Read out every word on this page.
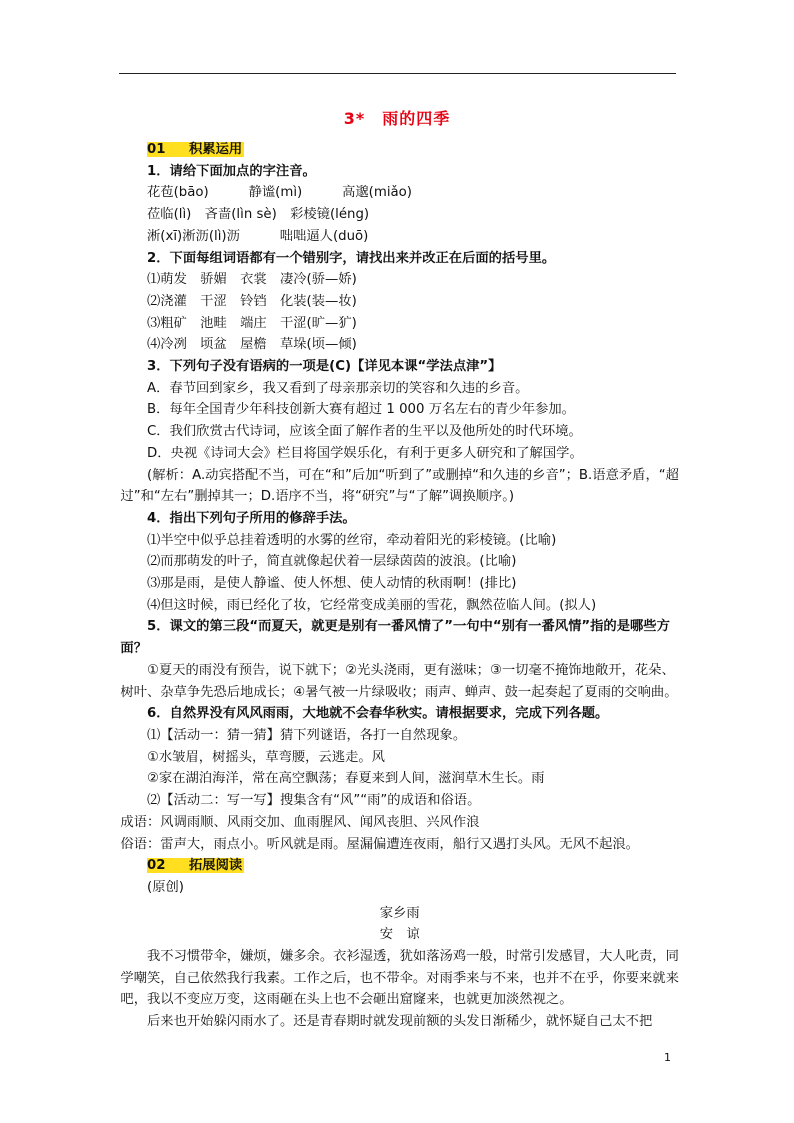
3*　雨的四季
01 积累运用
1．请给下面加点的字注音。
花苞(bāo)　　　静谧(mì)　　　高邈(miǎo)
莅临(lì)　吝啬(lìn sè)　彩棱镜(léng)
淅(xī)淅沥(lì)沥　　　咄咄逼人(duō)
2．下面每组词语都有一个错别字，请找出来并改正在后面的括号里。
⑴萌发　骄媚　衣裳　凄冷(骄—娇)
⑵浇灌　干涩　铃铛　化装(装—妆)
⑶粗矿　池畦　端庄　干涩(旷—犷)
⑷冷冽　顷盆　屋檐　草垛(顷—倾)
3．下列句子没有语病的一项是(C)【详见本课“学法点津”】
A．春节回到家乡，我又看到了母亲那亲切的笑容和久违的乡音。
B．每年全国青少年科技创新大赛有超过 1 000 万名左右的青少年参加。
C．我们欣赏古代诗词，应该全面了解作者的生平以及他所处的时代环境。
D．央视《诗词大会》栏目将国学娱乐化，有利于更多人研究和了解国学。
(解析：A.动宾搭配不当，可在“和”后加“听到了”或删掉“和久违的乡音”；B.语意矛盾，“超过”和“左右”删掉其一；D.语序不当，将“研究”与“了解”调换顺序。)
4．指出下列句子所用的修辞手法。
⑴半空中似乎总挂着透明的水雾的丝帘，牵动着阳光的彩棱镜。(比喻)
⑵而那萌发的叶子，简直就像起伏着一层绿茵茵的波浪。(比喻)
⑶那是雨，是使人静谧、使人怀想、使人动情的秋雨啊！(排比)
⑷但这时候，雨已经化了妆，它经常变成美丽的雪花，飘然莅临人间。(拟人)
5．课文的第三段“而夏天，就更是别有一番风情了”一句中“别有一番风情”指的是哪些方面？
①夏天的雨没有预告，说下就下；②光头浇雨，更有滋味；③一切毫不掩饰地敞开，花朵、树叶、杂草争先恐后地成长；④暑气被一片绿吸收；雨声、蝉声、鼓一起奏起了夏雨的交响曲。
6．自然界没有风风雨雨，大地就不会春华秋实。请根据要求，完成下列各题。
⑴【活动一：猜一猜】猜下列谜语，各打一自然现象。
①水皱眉，树摇头，草弯腰，云逃走。风
②家在湖泊海洋，常在高空飘荡；春夏来到人间，滋润草木生长。雨
⑵【活动二：写一写】搜集含有“风”“雨”的成语和俗语。
成语：风调雨顺、风雨交加、血雨腥风、闻风丧胆、兴风作浪
俗语：雷声大，雨点小。听风就是雨。屋漏偏遭连夜雨，船行又遇打头风。无风不起浪。
02 拓展阅读
(原创)
家乡雨
安　谅
我不习惯带伞，嫌烦，嫌多余。衣衫湿透，犹如落汤鸡一般，时常引发感冒，大人叱责，同学嘲笑，自己依然我行我素。工作之后，也不带伞。对雨季来与不来，也并不在乎，你要来就来吧，我以不变应万变，这雨砸在头上也不会砸出窟窿来，也就更加淡然视之。
后来也开始躲闪雨水了。还是青春期时就发现前额的头发日渐稀少，就怀疑自己太不把
1
